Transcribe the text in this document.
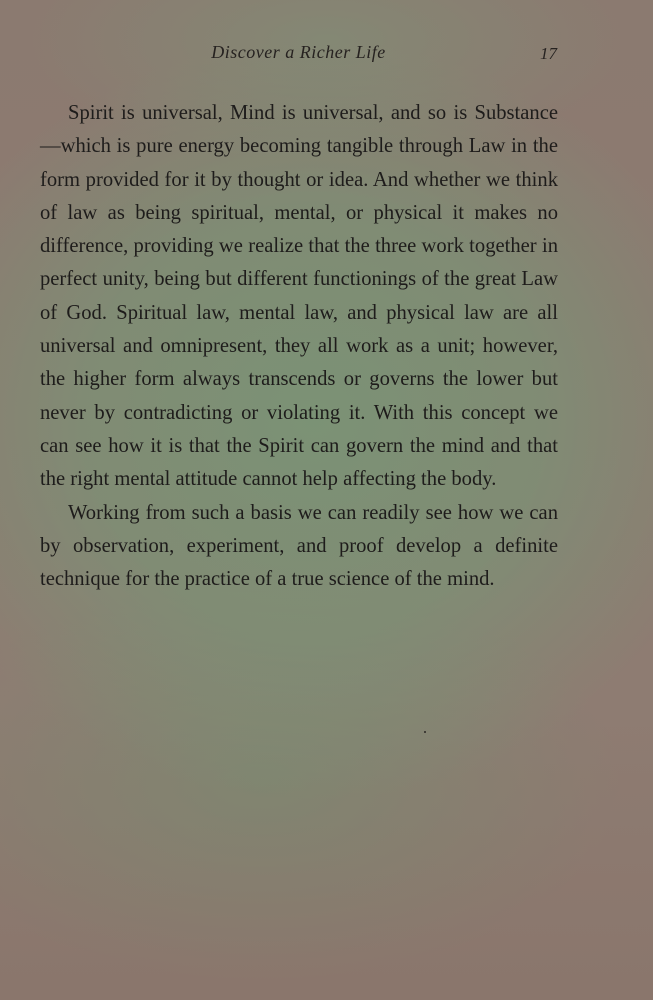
Discover a Richer Life	17

Spirit is universal, Mind is universal, and so is Substance—which is pure energy becoming tangible through Law in the form provided for it by thought or idea. And whether we think of law as being spiritual, mental, or physical it makes no difference, providing we realize that the three work together in perfect unity, being but different functionings of the great Law of God. Spiritual law, mental law, and physical law are all universal and omnipresent, they all work as a unit; however, the higher form always transcends or governs the lower but never by contradicting or violating it. With this concept we can see how it is that the Spirit can govern the mind and that the right mental attitude cannot help affecting the body.

Working from such a basis we can readily see how we can by observation, experiment, and proof develop a definite technique for the practice of a true science of the mind.
